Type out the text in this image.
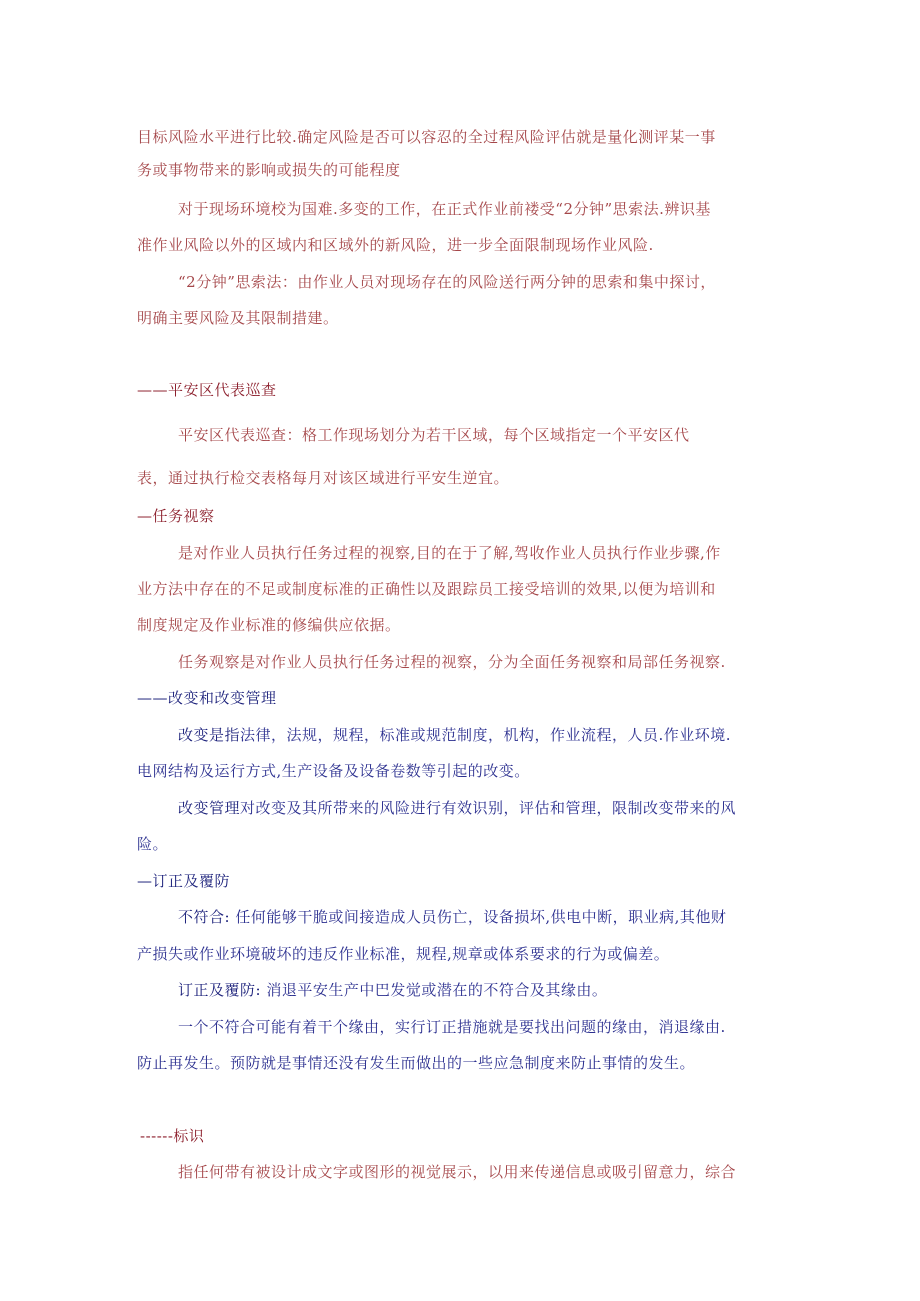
目标风险水平进行比较.确定风险是否可以容忍的全过程风险评估就是量化测评某一事
务或事物带来的影响或损失的可能程度
对于现场环境校为国难.多变的工作，在正式作业前褛受“2分钟”思索法.辨识基
准作业风险以外的区域内和区域外的新风险，进一步全面限制现场作业风险.
“2分钟”思索法：由作业人员对现场存在的风险送行两分钟的思索和集中探讨，
明确主要风险及其限制措建。
——平安区代表巡查
平安区代表巡查：格工作现场划分为若干区域，每个区域指定一个平安区代
表，通过执行检交表格每月对该区域进行平安生逆宜。
—任务视察
是对作业人员执行任务过程的视察,目的在于了解,驾收作业人员执行作业步骤,作
业方法中存在的不足或制度标准的正确性以及跟踪员工接受培训的效果,以便为培训和
制度规定及作业标准的修编供应依据。
任务观察是对作业人员执行任务过程的视察，分为全面任务视察和局部任务视察.
——改变和改变管理
改变是指法律，法规，规程，标准或规范制度，机构，作业流程，人员.作业环境.
电网结构及运行方式,生产设备及设备卷数等引起的改变。
改变管理对改变及其所带来的风险进行有效识别，评估和管理，限制改变带来的风
险。
—订正及覆防
不符合: 任何能够干脆或间接造成人员伤亡，设备损坏,供电中断，职业病,其他财
产损失或作业环境破坏的违反作业标准，规程,规章或体系要求的行为或偏差。
订正及覆防: 消退平安生产中巴发觉或潜在的不符合及其缘由。
一个不符合可能有着干个缘由，实行订正措施就是要找出问题的缘由，消退缘由.
防止再发生。预防就是事情还没有发生而做出的一些应急制度来防止事情的发生。
------标识
指任何带有被设计成文字或图形的视觉展示，以用来传递信息或吸引留意力，综合
